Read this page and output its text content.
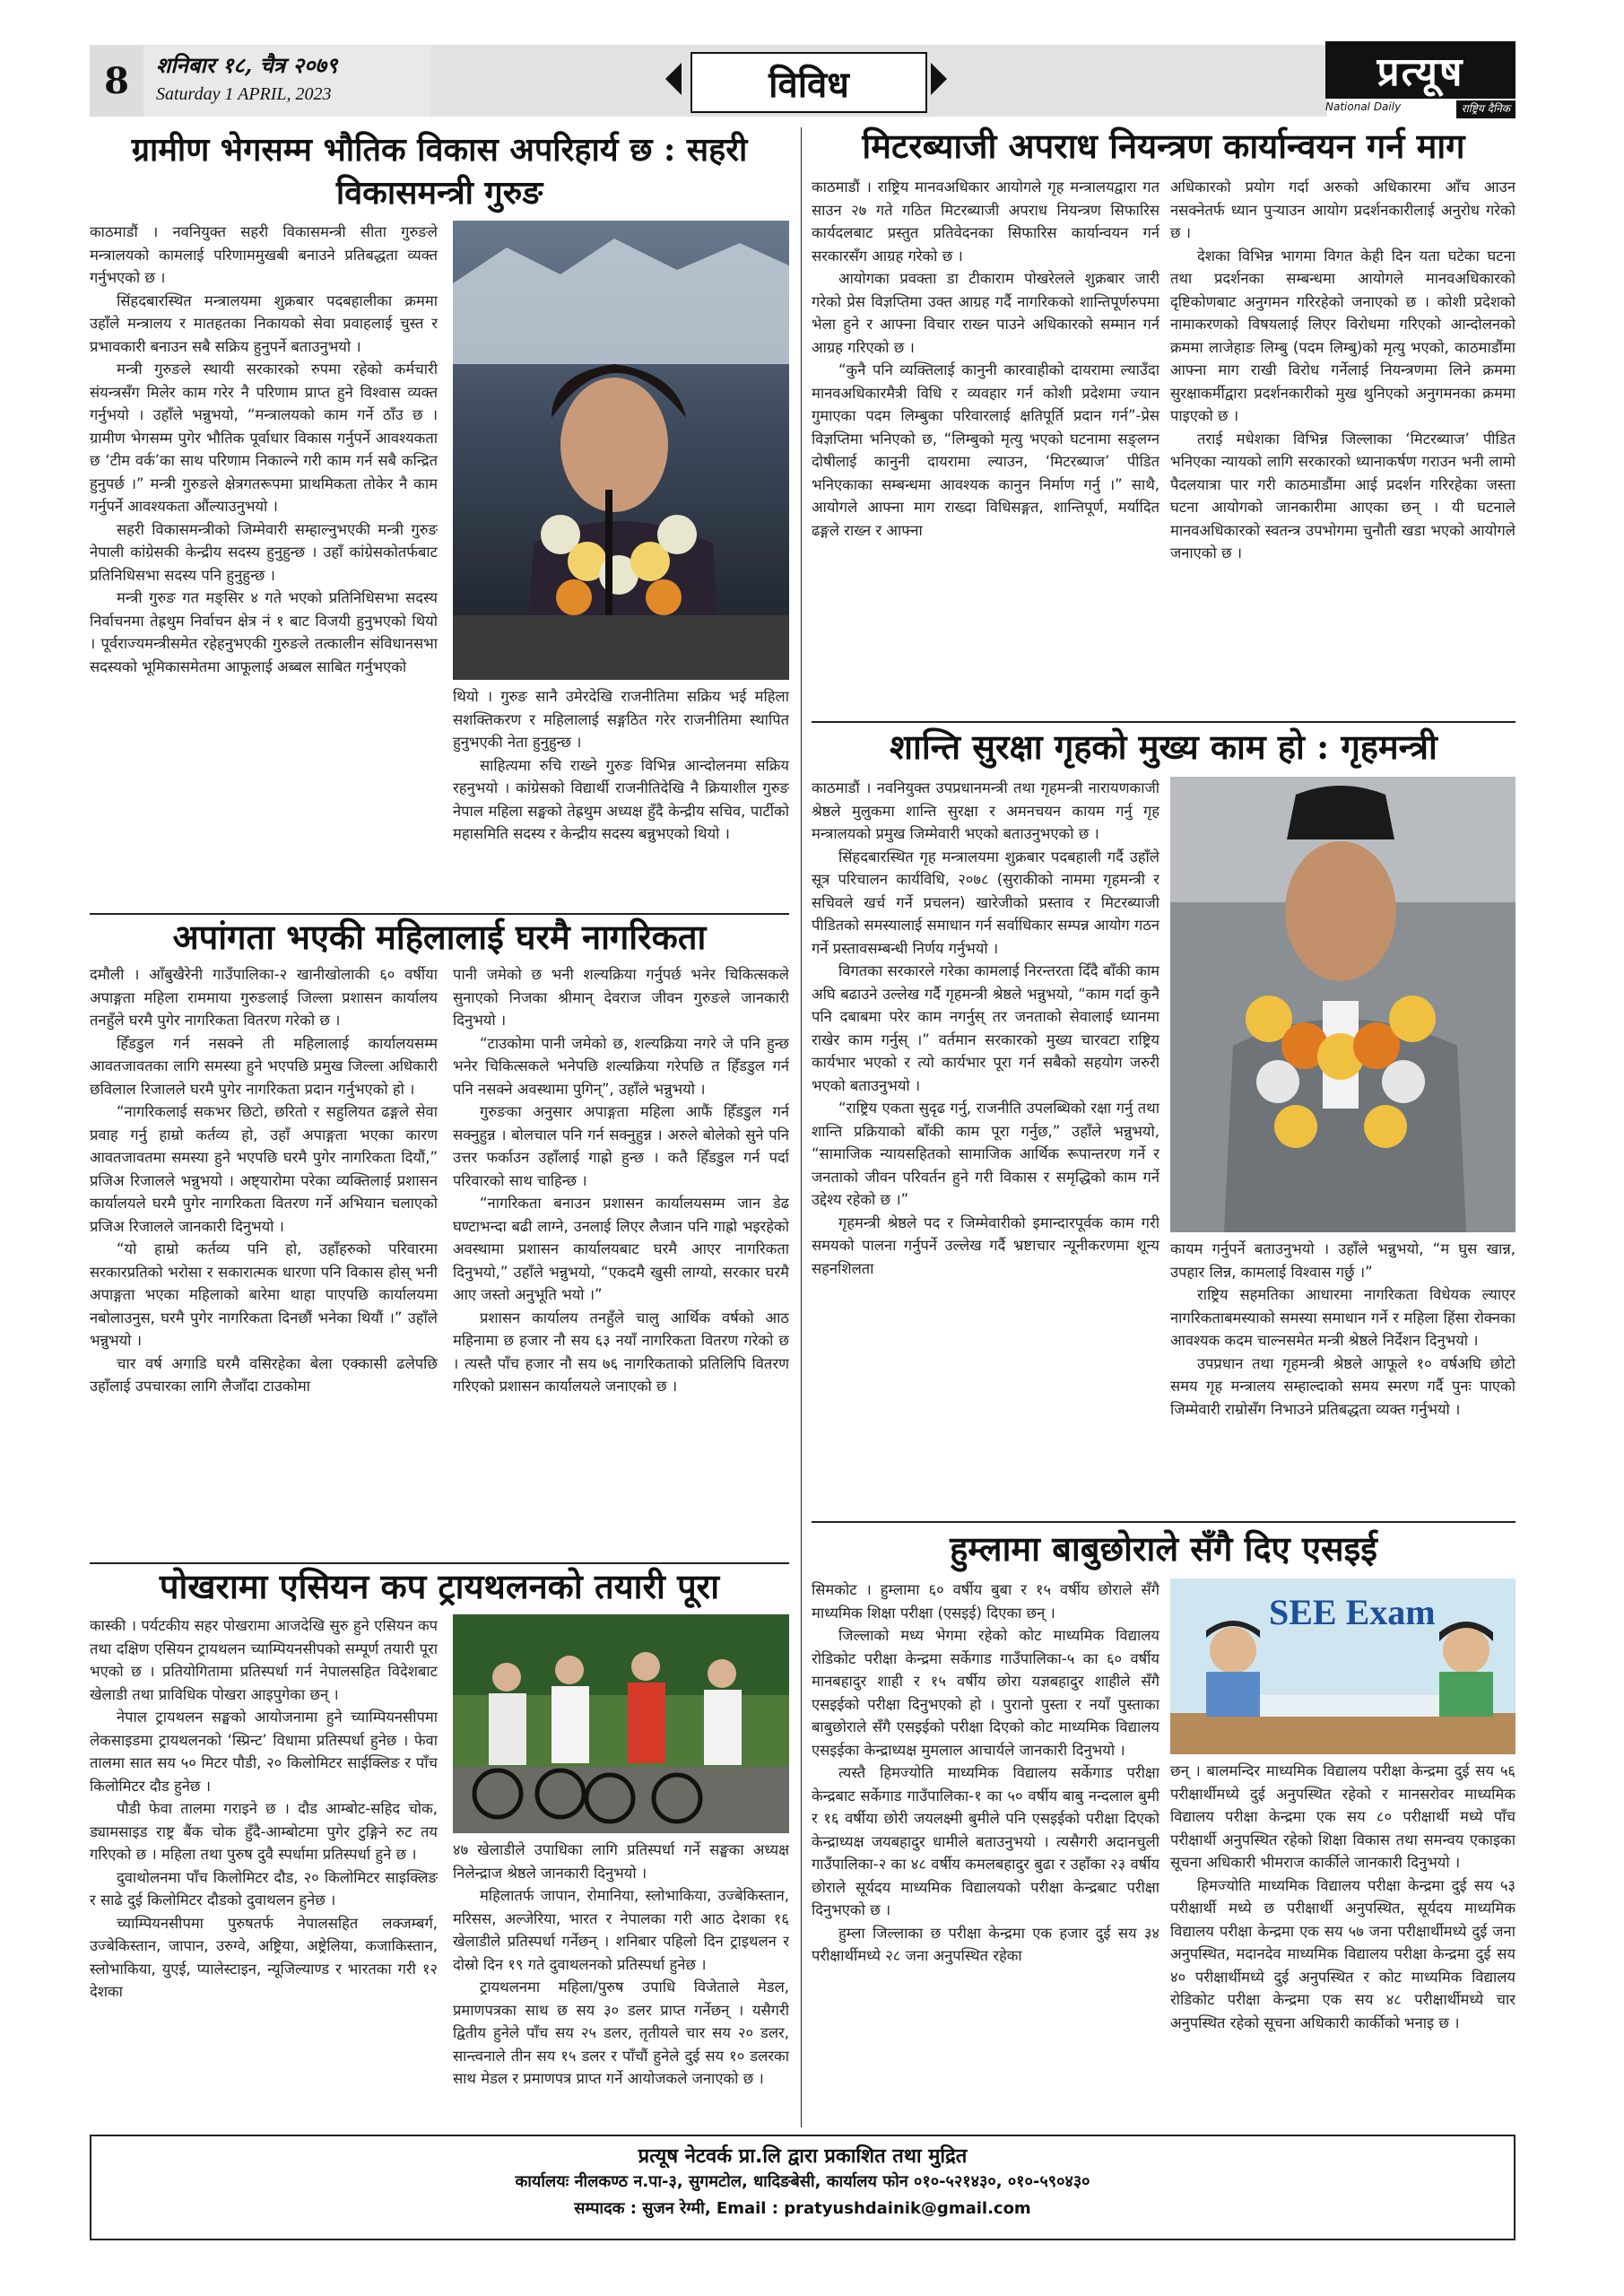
8	शनिबार १८, चैत्र २०७९
Saturday 1 APRIL, 2023	विविध	प्रत्यूष
National Daily	राष्ट्रिय दैनिक
ग्रामीण भेगसम्म भौतिक विकास अपरिहार्य छ : सहरी
विकासमन्त्री गुरुङ

काठमाडौं । नवनियुक्त सहरी विकासमन्त्री सीता गुरुङले मन्त्रालयको कामलाई परिणाममुखबी बनाउने प्रतिबद्धता व्यक्त गर्नुभएको छ ।

सिंहदबारस्थित मन्त्रालयमा शुक्रबार पदबहालीका क्रममा उहाँले मन्त्रालय र मातहतका निकायको सेवा प्रवाहलाई चुस्त र प्रभावकारी बनाउन सबै सक्रिय हुनुपर्ने बताउनुभयो ।

मन्त्री गुरुङले स्थायी सरकारको रुपमा रहेको कर्मचारी संयन्त्रसँग मिलेर काम गरेर नै परिणाम प्राप्त हुने विश्वास व्यक्त गर्नुभयो । उहाँले भन्नुभयो, “मन्त्रालयको काम गर्ने ठाँउ छ । ग्रामीण भेगसम्म पुगेर भौतिक पूर्वाधार विकास गर्नुपर्ने आवश्यकता छ ‘टीम वर्क’का साथ परिणाम निकाल्ने गरी काम गर्न सबै कन्द्रित हुनुपर्छ ।” मन्त्री गुरुङले क्षेत्रगतरूपमा प्राथमिकता तोकेर नै काम गर्नुपर्ने आवश्यकता औंल्याउनुभयो ।

सहरी विकासमन्त्रीको जिम्मेवारी सम्हाल्नुभएकी मन्त्री गुरुङ नेपाली कांग्रेसकी केन्द्रीय सदस्य हुनुहुन्छ । उहाँ कांग्रेसकोतर्फबाट प्रतिनिधिसभा सदस्य पनि हुनुहुन्छ ।

मन्त्री गुरुङ गत मङ्सिर ४ गते भएको प्रतिनिधिसभा सदस्य निर्वाचनमा तेह्रथुम निर्वाचन क्षेत्र नं १ बाट विजयी हुनुभएको थियो । पूर्वराज्यमन्त्रीसमेत रहेहनुभएकी गुरुङले तत्कालीन संविधानसभा सदस्यको भूमिकासमेतमा आफूलाई अब्बल साबित गर्नुभएको

थियो । गुरुङ सानै उमेरदेखि राजनीतिमा सक्रिय भई महिला सशक्तिकरण र महिलालाई सङ्गठित गरेर राजनीतिमा स्थापित हुनुभएकी नेता हुनुहुन्छ ।

साहित्यमा रुचि राख्ने गुरुङ विभिन्न आन्दोलनमा सक्रिय रहनुभयो । कांग्रेसको विद्यार्थी राजनीतिदेखि नै क्रियाशील गुरुङ नेपाल महिला सङ्घको तेह्रथुम अध्यक्ष हुँदै केन्द्रीय सचिव, पार्टीको महासमिति सदस्य र केन्द्रीय सदस्य बन्नुभएको थियो ।

अपांगता भएकी महिलालाई घरमै नागरिकता

दमौली । आँबुखैरेनी गाउँपालिका-२ खानीखोलाकी ६० वर्षीया अपाङ्गता महिला राममाया गुरुङलाई जिल्ला प्रशासन कार्यालय तनहुँले घरमै पुगेर नागरिकता वितरण गरेको छ ।

हिँडडुल गर्न नसक्ने ती महिलालाई कार्यालयसम्म आवतजावतका लागि समस्या हुने भएपछि प्रमुख जिल्ला अधिकारी छविलाल रिजालले घरमै पुगेर नागरिकता प्रदान गर्नुभएको हो ।

“नागरिकलाई सकभर छिटो, छरितो र सहुलियत ढङ्गले सेवा प्रवाह गर्नु हाम्रो कर्तव्य हो, उहाँ अपाङ्गता भएका कारण आवतजावतमा समस्या हुने भएपछि घरमै पुगेर नागरिकता दियौं,” प्रजिअ रिजालले भन्नुभयो । अष्ट्यारोमा परेका व्यक्तिलाई प्रशासन कार्यालयले घरमै पुगेर नागरिकता वितरण गर्ने अभियान चलाएको प्रजिअ रिजालले जानकारी दिनुभयो ।

“यो हाम्रो कर्तव्य पनि हो, उहाँहरुको परिवारमा सरकारप्रतिको भरोसा र सकारात्मक धारणा पनि विकास होस् भनी अपाङ्गता भएका महिलाको बारेमा थाहा पाएपछि कार्यालयमा नबोलाउनुस, घरमै पुगेर नागरिकता दिनछौं भनेका थियौं ।” उहाँले भन्नुभयो ।

चार वर्ष अगाडि घरमै वसिरहेका बेला एक्कासी ढलेपछि उहाँलाई उपचारका लागि लैजाँदा टाउकोमा

पानी जमेको छ भनी शल्यक्रिया गर्नुपर्छ भनेर चिकित्सकले सुनाएको निजका श्रीमान् देवराज जीवन गुरुङले जानकारी दिनुभयो ।

“टाउकोमा पानी जमेको छ, शल्यक्रिया नगरे जे पनि हुन्छ भनेर चिकित्सकले भनेपछि शल्यक्रिया गरेपछि त हिँडडुल गर्न पनि नसक्ने अवस्थामा पुगिन्”, उहाँले भन्नुभयो ।

गुरुङका अनुसार अपाङ्गता महिला आफैं हिँडडुल गर्न सक्नुहुन्न । बोलचाल पनि गर्न सक्नुहुन्न । अरुले बोलेको सुने पनि उत्तर फर्काउन उहाँलाई गाह्रो हुन्छ । कतै हिँडडुल गर्न पर्दा परिवारको साथ चाहिन्छ ।

“नागरिकता बनाउन प्रशासन कार्यालयसम्म जान डेढ घण्टाभन्दा बढी लाग्ने, उनलाई लिएर लैजान पनि गाह्रो भइरहेको अवस्थामा प्रशासन कार्यालयबाट घरमै आएर नागरिकता दिनुभयो,” उहाँले भन्नुभयो, “एकदमै खुसी लाग्यो, सरकार घरमै आए जस्तो अनुभूति भयो ।”

प्रशासन कार्यालय तनहुँले चालु आर्थिक वर्षको आठ महिनामा छ हजार नौ सय ६३ नयाँ नागरिकता वितरण गरेको छ । त्यस्तै पाँच हजार नौ सय ७६ नागरिकताको प्रतिलिपि वितरण गरिएको प्रशासन कार्यालयले जनाएको छ ।

पोखरामा एसियन कप ट्रायथलनको तयारी पूरा

कास्की । पर्यटकीय सहर पोखरामा आजदेखि सुरु हुने एसियन कप तथा दक्षिण एसियन ट्रायथलन च्याम्पियनसीपको सम्पूर्ण तयारी पूरा भएको छ । प्रतियोगितामा प्रतिस्पर्धा गर्न नेपालसहित विदेशबाट खेलाडी तथा प्राविधिक पोखरा आइपुगेका छन् ।

नेपाल ट्रायथलन सङ्घको आयोजनामा हुने च्याम्पियनसीपमा लेकसाइडमा ट्रायथलनको ‘स्प्रिन्ट’ विधामा प्रतिस्पर्धा हुनेछ । फेवा तालमा सात सय ५० मिटर पौडी, २० किलोमिटर साईक्लिङ र पाँच किलोमिटर दौड हुनेछ ।

पौडी फेवा तालमा गराइने छ । दौड आम्बोट-सहिद चोक, ड्यामसाइड राष्ट्र बैंक चोक हुँदै-आम्बोटमा पुगेर टुङ्गिने रुट तय गरिएको छ । महिला तथा पुरुष दुवै स्पर्धामा प्रतिस्पर्धा हुने छ ।

दुवाथोलनमा पाँच किलोमिटर दौड, २० किलोमिटर साइक्लिङ र साढे दुई किलोमिटर दौडको दुवाथलन हुनेछ ।

च्याम्पियनसीपमा पुरुषतर्फ नेपालसहित लक्जम्बर्ग, उज्बेकिस्तान, जापान, उरुग्वे, अष्ट्रिया, अष्ट्रेलिया, कजाकिस्तान, स्लोभाकिया, युएई, प्यालेस्टाइन, न्यूजिल्याण्ड र भारतका गरी १२ देशका

४७ खेलाडीले उपाधिका लागि प्रतिस्पर्धा गर्ने सङ्घका अध्यक्ष निलेन्द्राज श्रेष्ठले जानकारी दिनुभयो ।

महिलातर्फ जापान, रोमानिया, स्लोभाकिया, उज्बेकिस्तान, मरिसस, अल्जेरिया, भारत र नेपालका गरी आठ देशका १६ खेलाडीले प्रतिस्पर्धा गर्नेछन् । शनिबार पहिलो दिन ट्राइथलन र दोस्रो दिन १९ गते दुवाथलनको प्रतिस्पर्धा हुनेछ ।

ट्रायथलनमा महिला/पुरुष उपाधि विजेताले मेडल, प्रमाणपत्रका साथ छ सय ३० डलर प्राप्त गर्नेछन् । यसैगरी द्वितीय हुनेले पाँच सय २५ डलर, तृतीयले चार सय २० डलर, सान्त्वनाले तीन सय १५ डलर र पाँचौं हुनेले दुई सय १० डलरका साथ मेडल र प्रमाणपत्र प्राप्त गर्ने आयोजकले जनाएको छ ।

मिटरब्याजी अपराध नियन्त्रण कार्यान्वयन गर्न माग

काठमाडौं । राष्ट्रिय मानवअधिकार आयोगले गृह मन्त्रालयद्वारा गत साउन २७ गते गठित मिटरब्याजी अपराध नियन्त्रण सिफारिस कार्यदलबाट प्रस्तुत प्रतिवेदनका सिफारिस कार्यान्वयन गर्न सरकारसँग आग्रह गरेको छ ।

आयोगका प्रवक्ता डा टीकाराम पोखरेलले शुक्रबार जारी गरेको प्रेस विज्ञप्तिमा उक्त आग्रह गर्दै नागरिकको शान्तिपूर्णरुपमा भेला हुने र आफ्ना विचार राख्न पाउने अधिकारको सम्मान गर्न आग्रह गरिएको छ ।

“कुनै पनि व्यक्तिलाई कानुनी कारवाहीको दायरामा ल्याउँदा मानवअधिकारमैत्री विधि र व्यवहार गर्न कोशी प्रदेशमा ज्यान गुमाएका पदम लिम्बुका परिवारलाई क्षतिपूर्ति प्रदान गर्न”-प्रेस विज्ञप्तिमा भनिएको छ, “लिम्बुको मृत्यु भएको घटनामा सङ्लग्न दोषीलाई कानुनी दायरामा ल्याउन, ‘मिटरब्याज’ पीडित भनिएकाका सम्बन्धमा आवश्यक कानुन निर्माण गर्नु ।” साथै, आयोगले आफ्ना माग राख्दा विधिसङ्गत, शान्तिपूर्ण, मर्यादित ढङ्गले राख्न र आफ्ना

अधिकारको प्रयोग गर्दा अरुको अधिकारमा आँच आउन नसक्नेतर्फ ध्यान पुऱ्याउन आयोग प्रदर्शनकारीलाई अनुरोध गरेको छ ।

देशका विभिन्न भागमा विगत केही दिन यता घटेका घटना तथा प्रदर्शनका सम्बन्धमा आयोगले मानवअधिकारको दृष्टिकोणबाट अनुगमन गरिरहेको जनाएको छ । कोशी प्रदेशको नामाकरणको विषयलाई लिएर विरोधमा गरिएको आन्दोलनको क्रममा लाजेहाङ लिम्बु (पदम लिम्बु)को मृत्यु भएको, काठमाडौंमा आफ्ना माग राखी विरोध गर्नेलाई नियन्त्रणमा लिने क्रममा सुरक्षाकर्मीद्वारा प्रदर्शनकारीको मुख थुनिएको अनुगमनका क्रममा पाइएको छ ।

तराई मधेशका विभिन्न जिल्लाका ‘मिटरब्याज’ पीडित भनिएका न्यायको लागि सरकारको ध्यानाकर्षण गराउन भनी लामो पैदलयात्रा पार गरी काठमाडौंमा आई प्रदर्शन गरिरहेका जस्ता घटना आयोगको जानकारीमा आएका छन् । यी घटनाले मानवअधिकारको स्वतन्त्र उपभोगमा चुनौती खडा भएको आयोगले जनाएको छ ।

शान्ति सुरक्षा गृहको मुख्य काम हो : गृहमन्त्री

काठमाडौं । नवनियुक्त उपप्रधानमन्त्री तथा गृहमन्त्री नारायणकाजी श्रेष्ठले मुलुकमा शान्ति सुरक्षा र अमनचयन कायम गर्नु गृह मन्त्रालयको प्रमुख जिम्मेवारी भएको बताउनुभएको छ ।

सिंहदबारस्थित गृह मन्त्रालयमा शुक्रबार पदबहाली गर्दै उहाँले सूत्र परिचालन कार्यविधि, २०७८ (सुराकीको नाममा गृहमन्त्री र सचिवले खर्च गर्ने प्रचलन) खारेजीको प्रस्ताव र मिटरब्याजी पीडितको समस्यालाई समाधान गर्न सर्वाधिकार सम्पन्न आयोग गठन गर्ने प्रस्तावसम्बन्धी निर्णय गर्नुभयो ।

विगतका सरकारले गरेका कामलाई निरन्तरता दिँदै बाँकी काम अघि बढाउने उल्लेख गर्दै गृहमन्त्री श्रेष्ठले भन्नुभयो, “काम गर्दा कुनै पनि दबाबमा परेर काम नगर्नुस् तर जनताको सेवालाई ध्यानमा राखेर काम गर्नुस् ।” वर्तमान सरकारको मुख्य चारवटा राष्ट्रिय कार्यभार भएको र त्यो कार्यभार पूरा गर्न सबैको सहयोग जरुरी भएको बताउनुभयो ।

“राष्ट्रिय एकता सुदृढ गर्नु, राजनीति उपलब्धिको रक्षा गर्नु तथा शान्ति प्रक्रियाको बाँकी काम पूरा गर्नुछ,” उहाँले भन्नुभयो, “सामाजिक न्यायसहितको सामाजिक आर्थिक रूपान्तरण गर्ने र जनताको जीवन परिवर्तन हुने गरी विकास र समृद्धिको काम गर्ने उद्देश्य रहेको छ ।”

गृहमन्त्री श्रेष्ठले पद र जिम्मेवारीको इमान्दारपूर्वक काम गरी समयको पालना गर्नुपर्ने उल्लेख गर्दै भ्रष्टाचार न्यूनीकरणमा शून्य सहनशिलता

कायम गर्नुपर्ने बताउनुभयो । उहाँले भन्नुभयो, “म घुस खान्न, उपहार लिन्न, कामलाई विश्वास गर्छु ।”

राष्ट्रिय सहमतिका आधारमा नागरिकता विधेयक ल्याएर नागरिकताबमस्याको समस्या समाधान गर्ने र महिला हिंसा रोक्नका आवश्यक कदम चाल्नसमेत मन्त्री श्रेष्ठले निर्देशन दिनुभयो ।

उपप्रधान तथा गृहमन्त्री श्रेष्ठले आफूले १० वर्षअघि छोटो समय गृह मन्त्रालय सम्हाल्दाको समय स्मरण गर्दै पुनः पाएको जिम्मेवारी राम्रोसँग निभाउने प्रतिबद्धता व्यक्त गर्नुभयो ।

हुम्लामा बाबुछोराले सँगै दिए एसइई

सिमकोट । हुम्लामा ६० वर्षीय बुबा र १५ वर्षीय छोराले सँगै माध्यमिक शिक्षा परीक्षा (एसइई) दिएका छन् ।

जिल्लाको मध्य भेगमा रहेको कोट माध्यमिक विद्यालय रोडिकोट परीक्षा केन्द्रमा सर्केगाड गाउँपालिका-५ का ६० वर्षीय मानबहादुर शाही र १५ वर्षीय छोरा यज्ञबहादुर शाहीले सँगै एसइईको परीक्षा दिनुभएको हो । पुरानो पुस्ता र नयाँ पुस्ताका बाबुछोराले सँगै एसइईको परीक्षा दिएको कोट माध्यमिक विद्यालय एसइईका केन्द्राध्यक्ष मुमलाल आचार्यले जानकारी दिनुभयो ।

त्यस्तै हिमज्योति माध्यमिक विद्यालय सर्केगाड परीक्षा केन्द्रबाट सर्केगाड गाउँपालिका-१ का ५० वर्षीय बाबु नन्दलाल बुमी र १६ वर्षीया छोरी जयलक्ष्मी बुमीले पनि एसइईको परीक्षा दिएको केन्द्राध्यक्ष जयबहादुर धामीले बताउनुभयो । त्यसैगरी अदानचुली गाउँपालिका-२ का ४८ वर्षीय कमलबहादुर बुढा र उहाँका २३ वर्षीय छोराले सूर्यदय माध्यमिक विद्यालयको परीक्षा केन्द्रबाट परीक्षा दिनुभएको छ ।

हुम्ला जिल्लाका छ परीक्षा केन्द्रमा एक हजार दुई सय ३४ परीक्षार्थीमध्ये २८ जना अनुपस्थित रहेका

SEE Exam

छन् । बालमन्दिर माध्यमिक विद्यालय परीक्षा केन्द्रमा दुई सय ५६ परीक्षार्थीमध्ये दुई अनुपस्थित रहेको र मानसरोवर माध्यमिक विद्यालय परीक्षा केन्द्रमा एक सय ८० परीक्षार्थी मध्ये पाँच परीक्षार्थी अनुपस्थित रहेको शिक्षा विकास तथा समन्वय एकाइका सूचना अधिकारी भीमराज कार्कीले जानकारी दिनुभयो ।

हिमज्योति माध्यमिक विद्यालय परीक्षा केन्द्रमा दुई सय ५३ परीक्षार्थी मध्ये छ परीक्षार्थी अनुपस्थित, सूर्यदय माध्यमिक विद्यालय परीक्षा केन्द्रमा एक सय ५७ जना परीक्षार्थीमध्ये दुई जना अनुपस्थित, मदानदेव माध्यमिक विद्यालय परीक्षा केन्द्रमा दुई सय ४० परीक्षार्थीमध्ये दुई अनुपस्थित र कोट माध्यमिक विद्यालय रोडिकोट परीक्षा केन्द्रमा एक सय ४८ परीक्षार्थीमध्ये चार अनुपस्थित रहेको सूचना अधिकारी कार्कीको भनाइ छ ।

प्रत्यूष नेटवर्क प्रा.लि द्वारा प्रकाशित तथा मुद्रित
कार्यालयः नीलकण्ठ न.पा-३, सुगमटोल, धादिङबेसी, कार्यालय फोन ०१०-५२१४३०, ०१०-५९०४३०
सम्पादक : सुजन रेग्मी, Email : pratyushdainik@gmail.com
